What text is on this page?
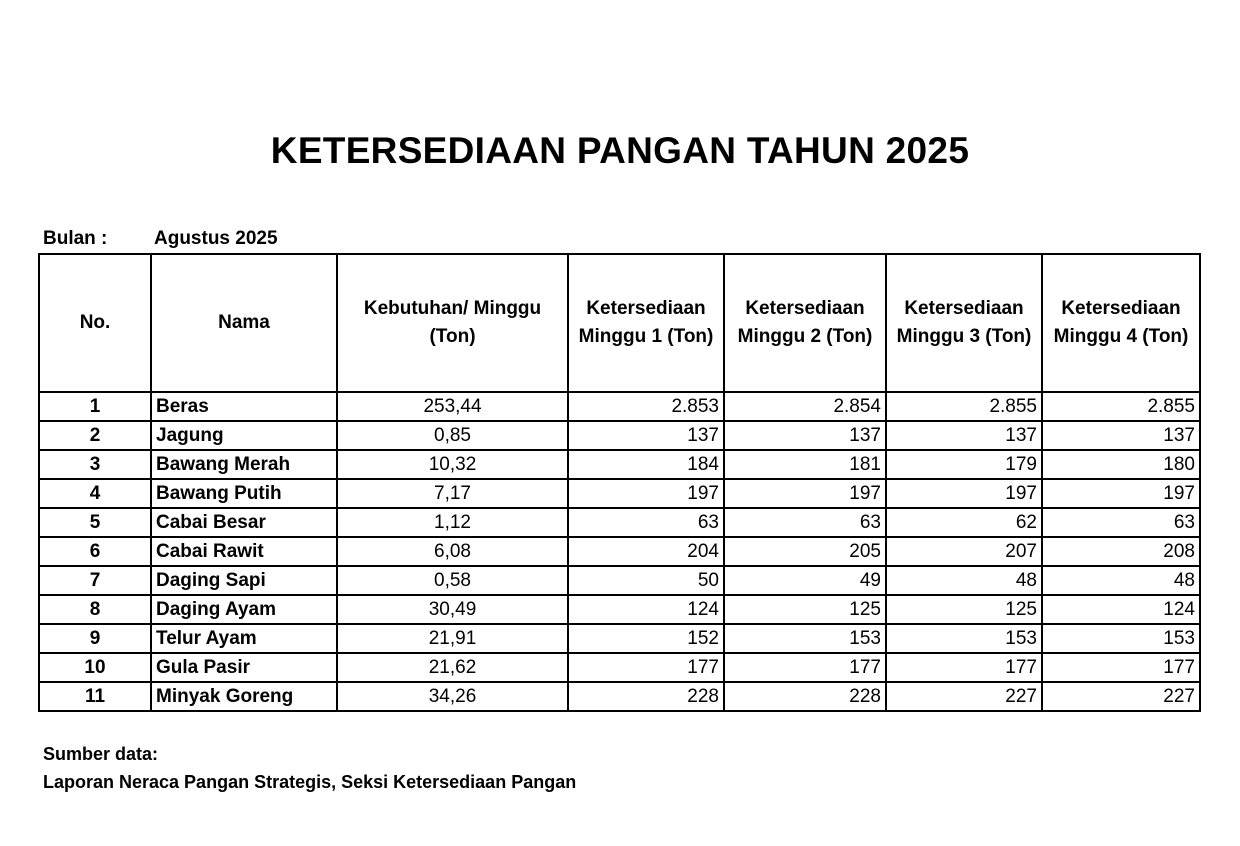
KETERSEDIAAN PANGAN TAHUN 2025
Bulan : Agustus 2025
No.	Nama	Kebutuhan/ Minggu (Ton)	Ketersediaan Minggu 1 (Ton)	Ketersediaan Minggu 2 (Ton)	Ketersediaan Minggu 3 (Ton)	Ketersediaan Minggu 4 (Ton)
1	Beras	253,44	2.853	2.854	2.855	2.855
2	Jagung	0,85	137	137	137	137
3	Bawang Merah	10,32	184	181	179	180
4	Bawang Putih	7,17	197	197	197	197
5	Cabai Besar	1,12	63	63	62	63
6	Cabai Rawit	6,08	204	205	207	208
7	Daging Sapi	0,58	50	49	48	48
8	Daging Ayam	30,49	124	125	125	124
9	Telur Ayam	21,91	152	153	153	153
10	Gula Pasir	21,62	177	177	177	177
11	Minyak Goreng	34,26	228	228	227	227
Sumber data:
Laporan Neraca Pangan Strategis, Seksi Ketersediaan Pangan
